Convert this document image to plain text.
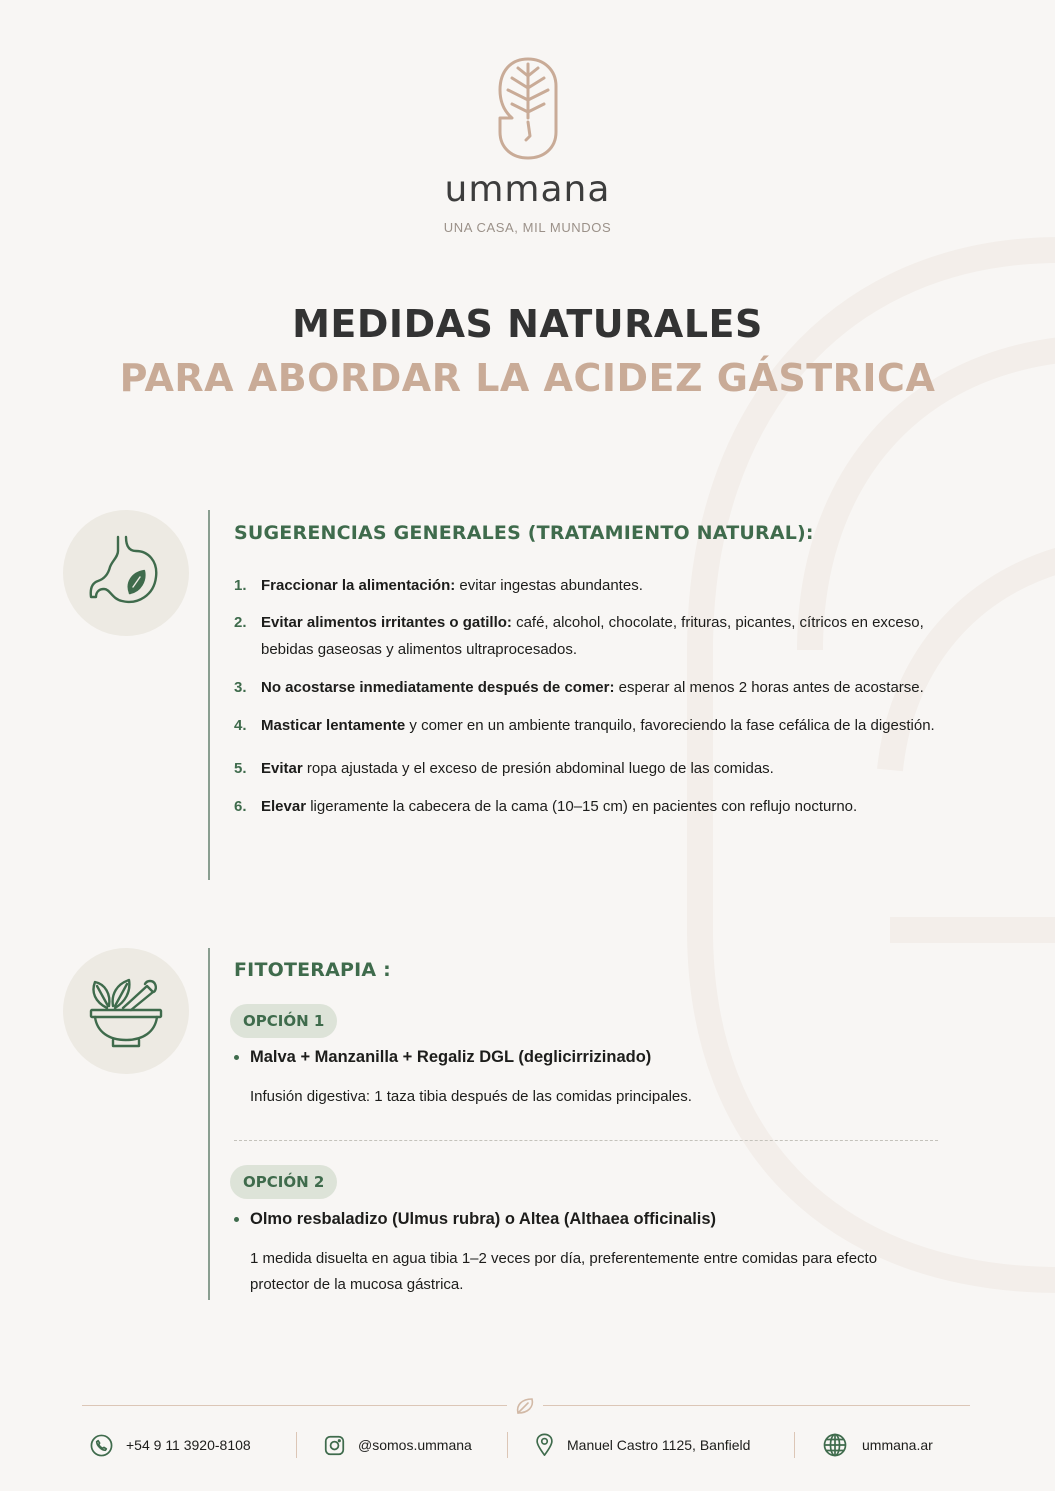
ummana
UNA CASA, MIL MUNDOS
MEDIDAS NATURALES
PARA ABORDAR LA ACIDEZ GÁSTRICA
SUGERENCIAS GENERALES (TRATAMIENTO NATURAL):
1. Fraccionar la alimentación: evitar ingestas abundantes.
2. Evitar alimentos irritantes o gatillo: café, alcohol, chocolate, frituras, picantes, cítricos en exceso, bebidas gaseosas y alimentos ultraprocesados.
3. No acostarse inmediatamente después de comer: esperar al menos 2 horas antes de acostarse.
4. Masticar lentamente y comer en un ambiente tranquilo, favoreciendo la fase cefálica de la digestión.
5. Evitar ropa ajustada y el exceso de presión abdominal luego de las comidas.
6. Elevar ligeramente la cabecera de la cama (10–15 cm) en pacientes con reflujo nocturno.
FITOTERAPIA :
OPCIÓN 1
Malva + Manzanilla + Regaliz DGL (deglicirrizinado)
Infusión digestiva: 1 taza tibia después de las comidas principales.
OPCIÓN 2
Olmo resbaladizo (Ulmus rubra) o Altea (Althaea officinalis)
1 medida disuelta en agua tibia 1–2 veces por día, preferentemente entre comidas para efecto protector de la mucosa gástrica.
+54 9 11 3920-8108	@somos.ummana	Manuel Castro 1125, Banfield	ummana.ar
